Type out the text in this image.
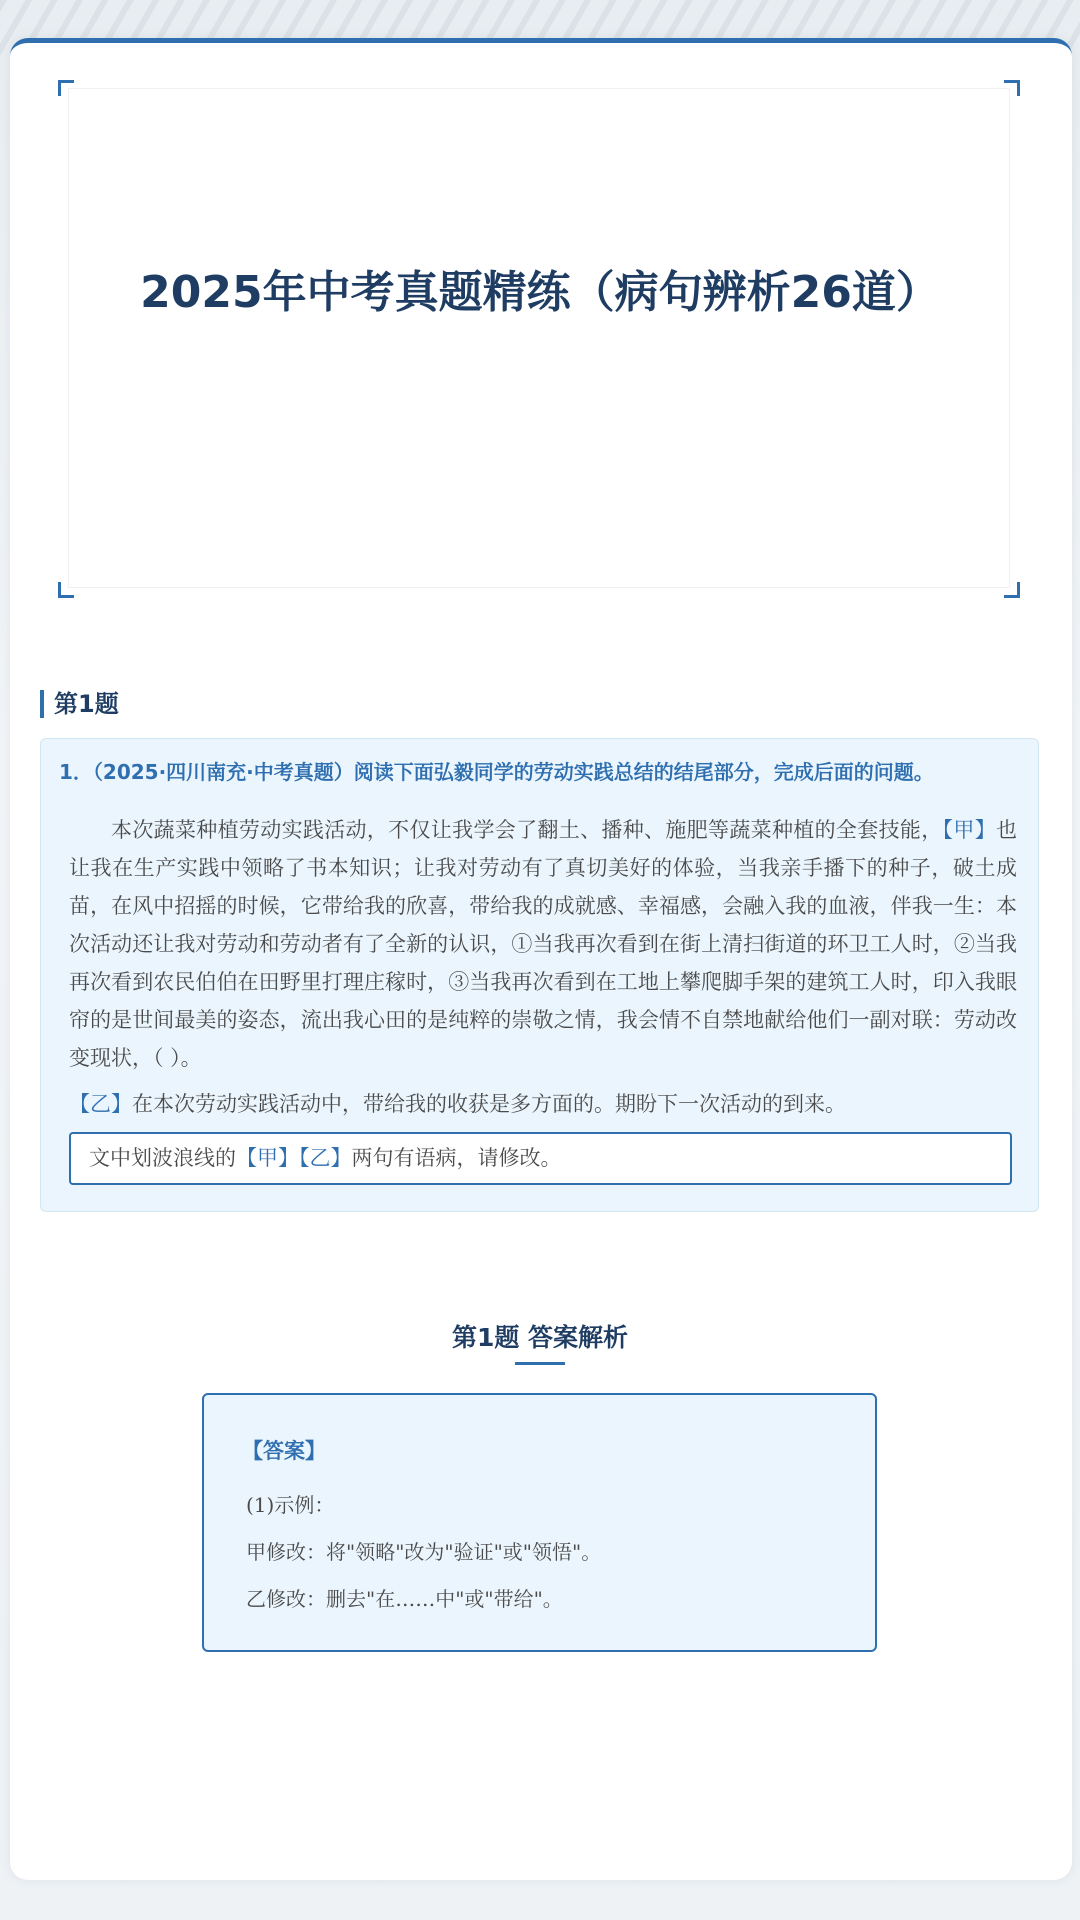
2025年中考真题精练（病句辨析26道）
第1题
1．（2025·四川南充·中考真题）阅读下面弘毅同学的劳动实践总结的结尾部分，完成后面的问题。
本次蔬菜种植劳动实践活动，不仅让我学会了翻土、播种、施肥等蔬菜种植的全套技能，【甲】也让我在生产实践中领略了书本知识；让我对劳动有了真切美好的体验，当我亲手播下的种子，破土成苗，在风中招摇的时候，它带给我的欣喜，带给我的成就感、幸福感，会融入我的血液，伴我一生：本次活动还让我对劳动和劳动者有了全新的认识，①当我再次看到在街上清扫街道的环卫工人时，②当我再次看到农民伯伯在田野里打理庄稼时，③当我再次看到在工地上攀爬脚手架的建筑工人时，印入我眼帘的是世间最美的姿态，流出我心田的是纯粹的崇敬之情，我会情不自禁地献给他们一副对联：劳动改变现状，（ ）。
【乙】在本次劳动实践活动中，带给我的收获是多方面的。期盼下一次活动的到来。
文中划波浪线的【甲】【乙】两句有语病，请修改。
第1题 答案解析
【答案】
(1)示例：
甲修改：将"领略"改为"验证"或"领悟"。
乙修改：删去"在……中"或"带给"。
